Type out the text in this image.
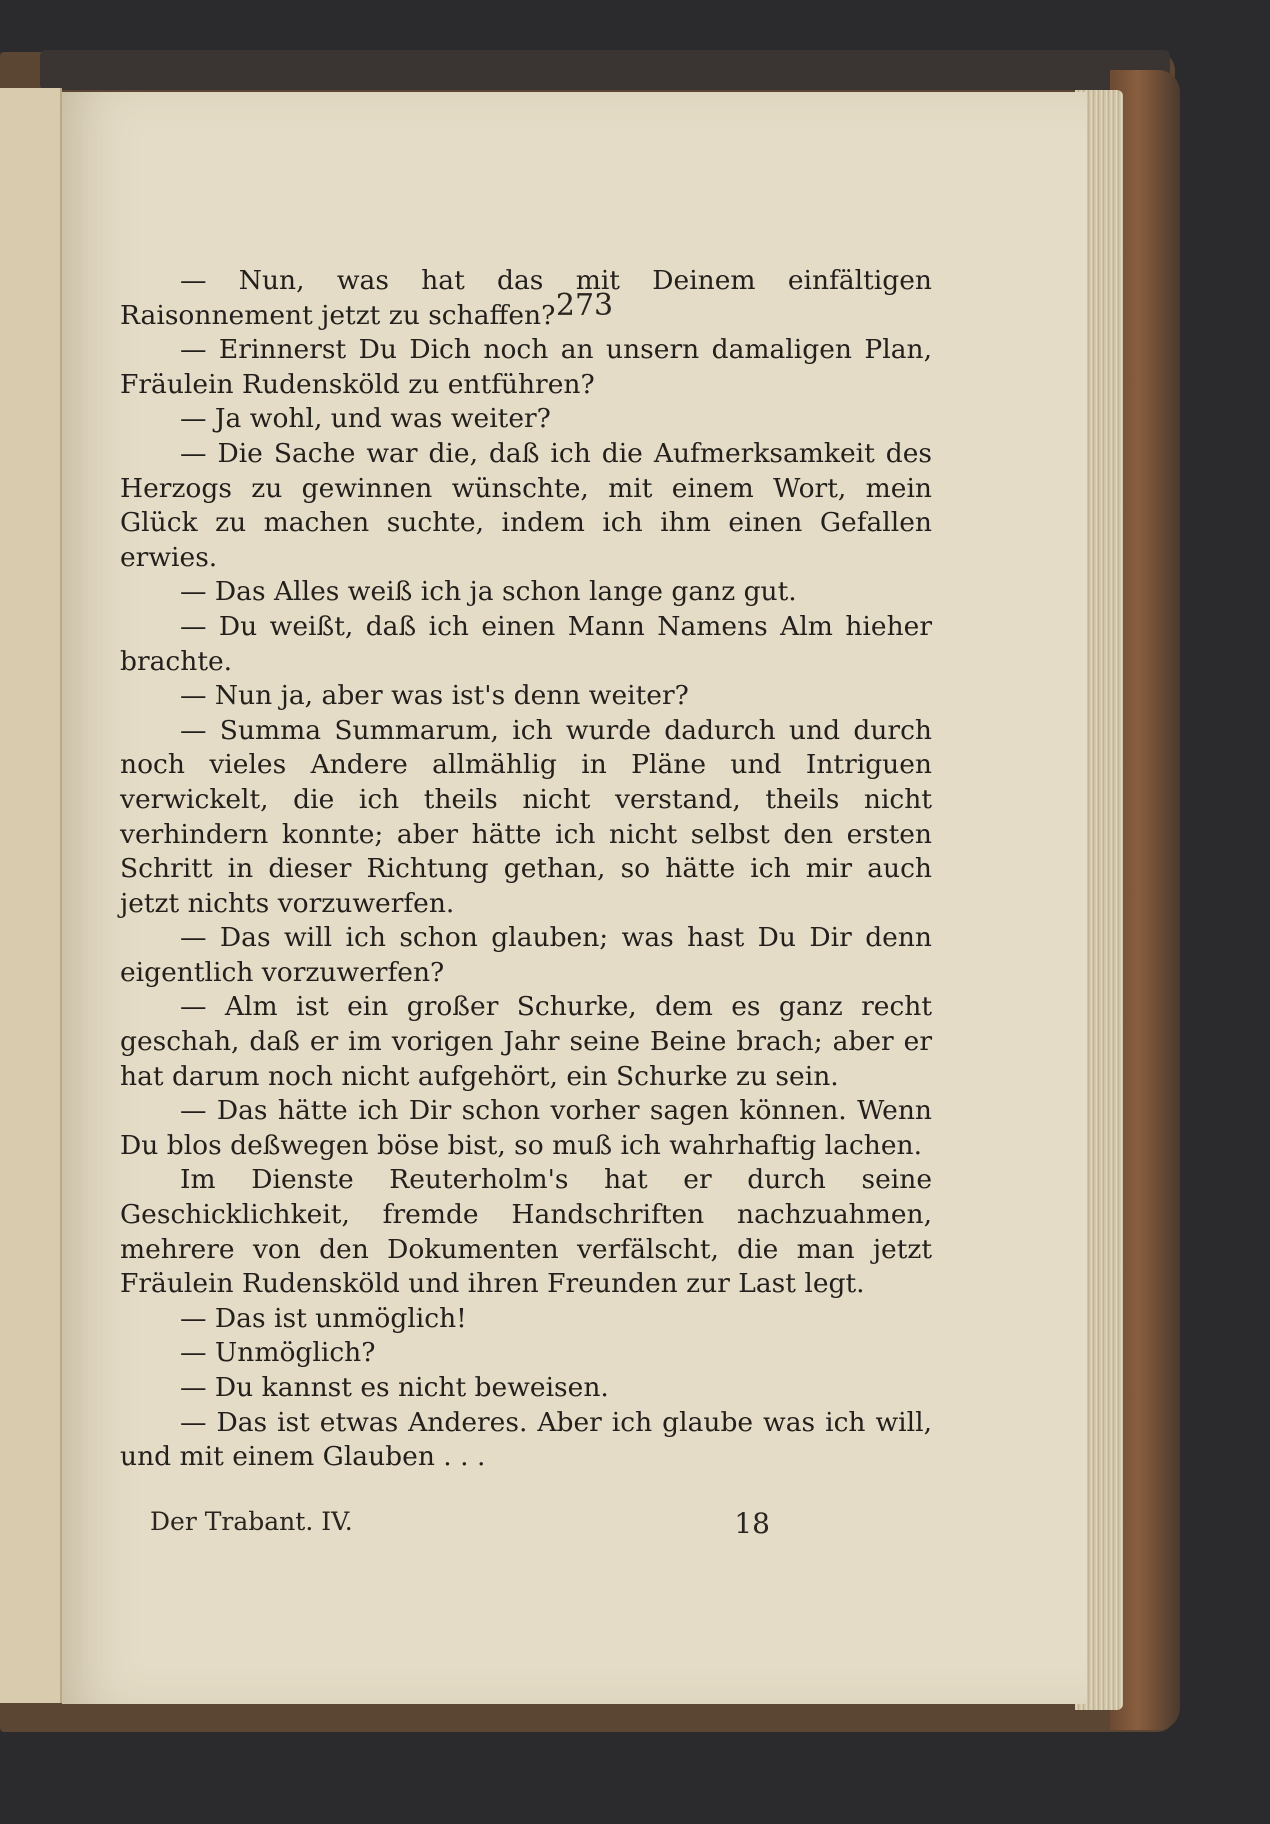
273

— Nun, was hat das mit Deinem einfältigen Raisonnement jetzt zu schaffen?

— Erinnerst Du Dich noch an unsern damaligen Plan, Fräulein Rudensköld zu entführen?

— Ja wohl, und was weiter?

— Die Sache war die, daß ich die Aufmerksamkeit des Herzogs zu gewinnen wünschte, mit einem Wort, mein Glück zu machen suchte, indem ich ihm einen Gefallen erwies.

— Das Alles weiß ich ja schon lange ganz gut.

— Du weißt, daß ich einen Mann Namens Alm hieher brachte.

— Nun ja, aber was ist's denn weiter?

— Summa Summarum, ich wurde dadurch und durch noch vieles Andere allmählig in Pläne und Intriguen verwickelt, die ich theils nicht verstand, theils nicht verhindern konnte; aber hätte ich nicht selbst den ersten Schritt in dieser Richtung gethan, so hätte ich mir auch jetzt nichts vorzuwerfen.

— Das will ich schon glauben; was hast Du Dir denn eigentlich vorzuwerfen?

— Alm ist ein großer Schurke, dem es ganz recht geschah, daß er im vorigen Jahr seine Beine brach; aber er hat darum noch nicht aufgehört, ein Schurke zu sein.

— Das hätte ich Dir schon vorher sagen können. Wenn Du blos deßwegen böse bist, so muß ich wahrhaftig lachen.

Im Dienste Reuterholm's hat er durch seine Geschicklichkeit, fremde Handschriften nachzuahmen, mehrere von den Dokumenten verfälscht, die man jetzt Fräulein Rudensköld und ihren Freunden zur Last legt.

— Das ist unmöglich!

— Unmöglich?

— Du kannst es nicht beweisen.

— Das ist etwas Anderes. Aber ich glaube was ich will, und mit einem Glauben . . .

Der Trabant. IV.	18
